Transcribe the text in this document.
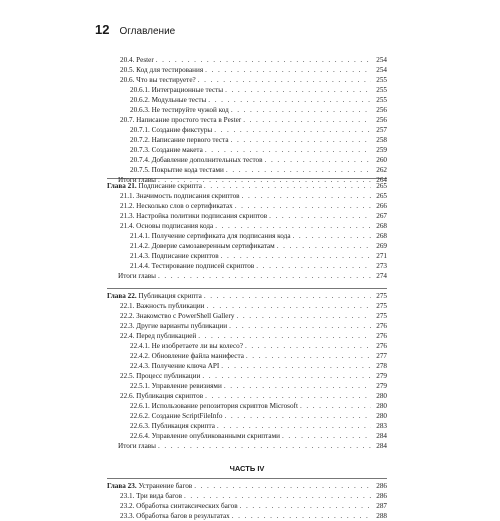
12 Оглавление
ЧАСТЬ IV
20.4. Pester . . .	254
20.5. Код для тестирования . . .	254
20.6. Что вы тестируете? . . .	255
20.6.1. Интеграционные тесты . . .	255
20.6.2. Модульные тесты . . .	255
20.6.3. Не тестируйте чужой код . . .	256
20.7. Написание простого теста в Pester . . .	256
20.7.1. Создание фикстуры . . .	257
20.7.2. Написание первого теста . . .	258
20.7.3. Создание макета . . .	259
20.7.4. Добавление дополнительных тестов . . .	260
20.7.5. Покрытие кода тестами . . .	262
Итоги главы . . .	264
Глава 21. Подписание скрипта . . .	265
21.1. Значимость подписания скриптов . . .	265
21.2. Несколько слов о сертификатах . . .	266
21.3. Настройка политики подписания скриптов . . .	267
21.4. Основы подписания кода . . .	268
21.4.1. Получение сертификата для подписания кода . . .	268
21.4.2. Доверие самозаверенным сертификатам . . .	269
21.4.3. Подписание скриптов . . .	271
21.4.4. Тестирование подписей скриптов . . .	273
Итоги главы . . .	274
Глава 22. Публикация скрипта . . .	275
22.1. Важность публикации . . .	275
22.2. Знакомство с PowerShell Gallery . . .	275
22.3. Другие варианты публикации . . .	276
22.4. Перед публикацией . . .	276
22.4.1. Не изобретаете ли вы колесо? . . .	276
22.4.2. Обновление файла манифеста . . .	277
22.4.3. Получение ключа API . . .	278
22.5. Процесс публикации . . .	279
22.5.1. Управление ревизиями . . .	279
22.6. Публикация скриптов . . .	280
22.6.1. Использование репозитория скриптов Microsoft . . .	280
22.6.2. Создание ScriptFileInfo . . .	280
22.6.3. Публикация скрипта . . .	283
22.6.4. Управление опубликованными скриптами . . .	284
Итоги главы . . .	284
Глава 23. Устранение багов . . .	286
23.1. Три вида багов . . .	286
23.2. Обработка синтаксических багов . . .	287
23.3. Обработка багов в результатах . . .	288
